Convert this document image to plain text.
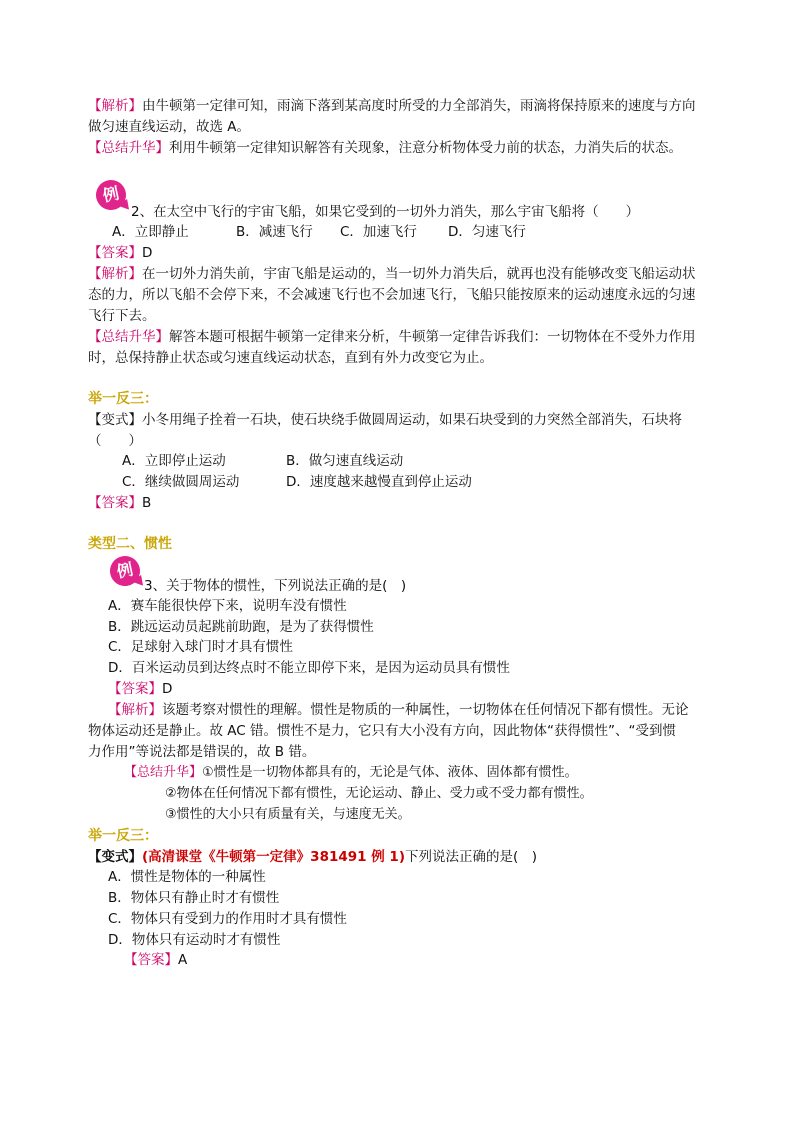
【解析】由牛顿第一定律可知，雨滴下落到某高度时所受的力全部消失，雨滴将保持原来的速度与方向
做匀速直线运动，故选 A。
【总结升华】利用牛顿第一定律知识解答有关现象，注意分析物体受力前的状态，力消失后的状态。
例
2、在太空中飞行的宇宙飞船，如果它受到的一切外力消失，那么宇宙飞船将（　　）
A．立即静止	B．减速飞行 C．加速飞行 D．匀速飞行
【答案】D
【解析】在一切外力消失前，宇宙飞船是运动的，当一切外力消失后，就再也没有能够改变飞船运动状
态的力，所以飞船不会停下来，不会减速飞行也不会加速飞行，飞船只能按原来的运动速度永远的匀速
飞行下去。
【总结升华】解答本题可根据牛顿第一定律来分析，牛顿第一定律告诉我们：一切物体在不受外力作用
时，总保持静止状态或匀速直线运动状态，直到有外力改变它为止。
举一反三：
【变式】小冬用绳子拴着一石块，使石块绕手做圆周运动，如果石块受到的力突然全部消失，石块将
（　　）
A．立即停止运动	B．做匀速直线运动
C．继续做圆周运动	D．速度越来越慢直到停止运动
【答案】B
类型二、惯性
例
3、关于物体的惯性，下列说法正确的是(　)
A．赛车能很快停下来，说明车没有惯性
B．跳远运动员起跳前助跑，是为了获得惯性
C．足球射入球门时才具有惯性
D．百米运动员到达终点时不能立即停下来，是因为运动员具有惯性
【答案】D
【解析】该题考察对惯性的理解。惯性是物质的一种属性，一切物体在任何情况下都有惯性。无论
物体运动还是静止。故 AC 错。惯性不是力，它只有大小没有方向，因此物体“获得惯性”、“受到惯
力作用”等说法都是错误的，故 B 错。
【总结升华】①惯性是一切物体都具有的，无论是气体、液体、固体都有惯性。
②物体在任何情况下都有惯性，无论运动、静止、受力或不受力都有惯性。
③惯性的大小只有质量有关，与速度无关。
举一反三：
【变式】(高清课堂《牛顿第一定律》381491 例 1)下列说法正确的是(　)
A．惯性是物体的一种属性
B．物体只有静止时才有惯性
C．物体只有受到力的作用时才具有惯性
D．物体只有运动时才有惯性
【答案】A
